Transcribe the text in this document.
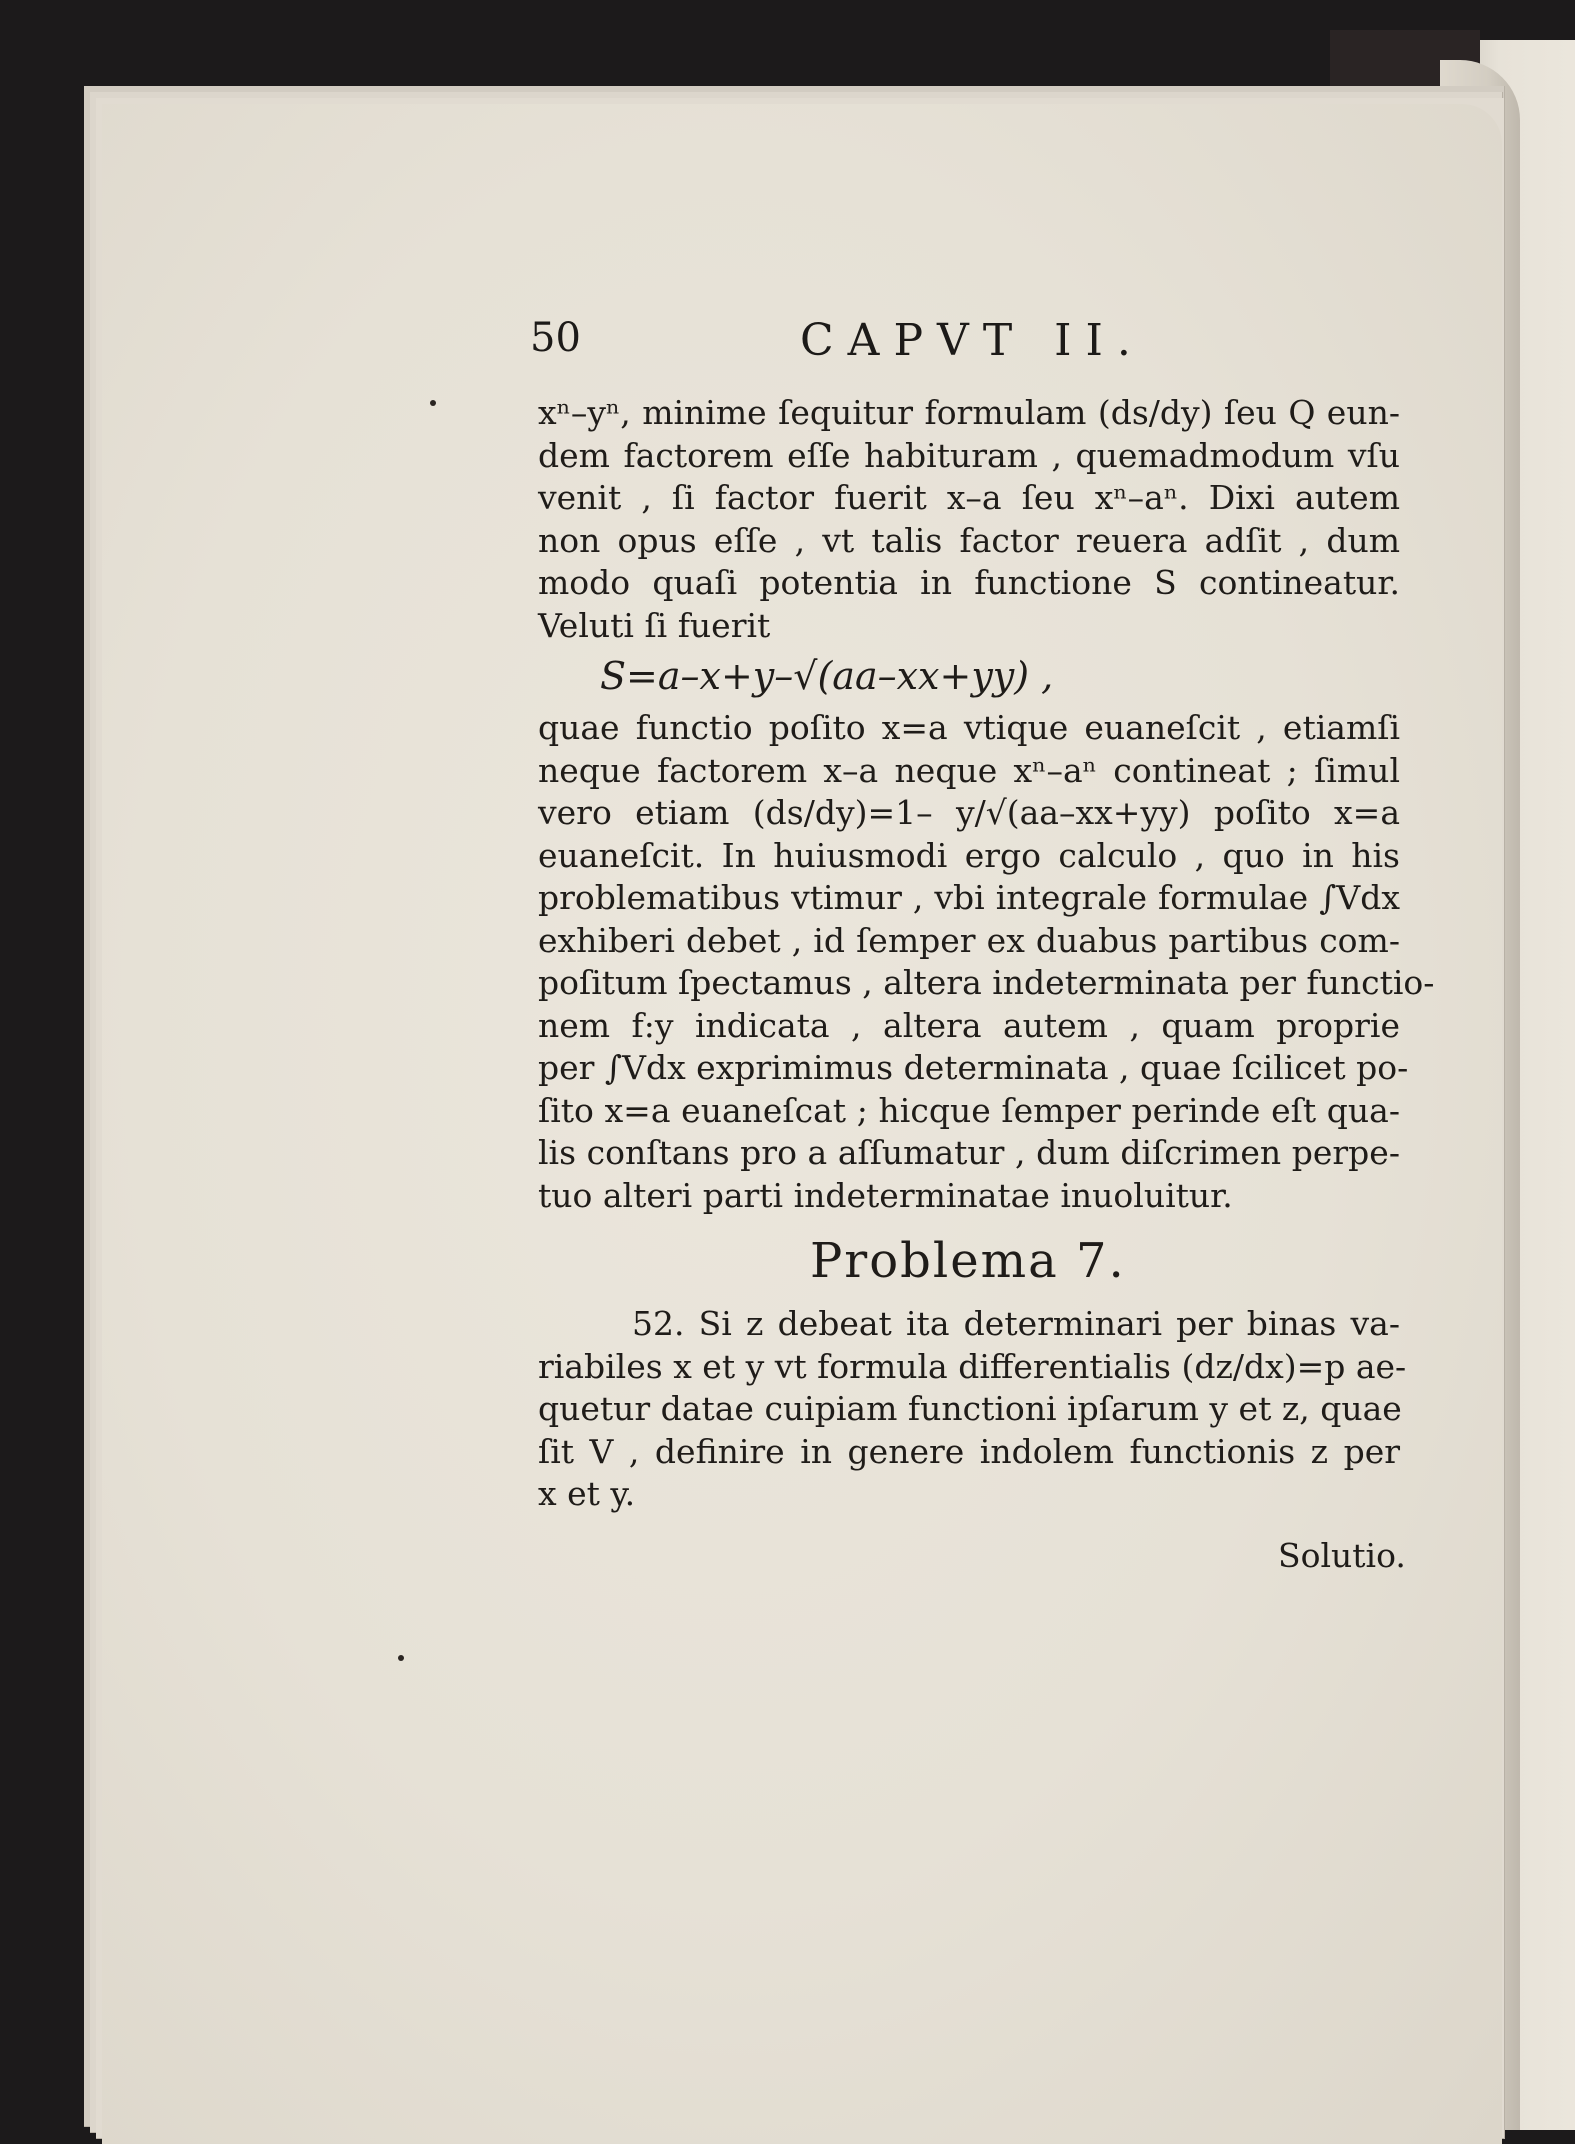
50	CAPVT II.
xⁿ–yⁿ, minime ſequitur formulam (ds/dy) ſeu Q eun-
dem factorem eſſe habituram , quemadmodum vſu
venit , ſi factor fuerit x–a ſeu xⁿ–aⁿ. Dixi autem
non opus eſſe , vt talis factor reuera adſit , dum
modo quaſi potentia in functione S contineatur.
Veluti ſi fuerit
S=a–x+y–√(aa–xx+yy) ,
quae functio poſito x=a vtique euaneſcit , etiamſi
neque factorem x–a neque xⁿ–aⁿ contineat ; ſimul
vero etiam (ds/dy)=1– y/√(aa–xx+yy) poſito x=a
euaneſcit. In huiusmodi ergo calculo , quo in his
problematibus vtimur , vbi integrale formulae ∫Vdx
exhiberi debet , id ſemper ex duabus partibus com-
poſitum ſpectamus , altera indeterminata per functio-
nem f:y indicata , altera autem , quam proprie
per ∫Vdx exprimimus determinata , quae ſcilicet po-
ſito x=a euaneſcat ; hicque ſemper perinde eſt qua-
lis conſtans pro a aſſumatur , dum diſcrimen perpe-
tuo alteri parti indeterminatae inuoluitur.
Problema 7.
52. Si z debeat ita determinari per binas va-
riabiles x et y vt formula differentialis (dz/dx)=p ae-
quetur datae cuipiam functioni ipſarum y et z, quae
ſit V , definire in genere indolem functionis z per
x et y.
Solutio.
